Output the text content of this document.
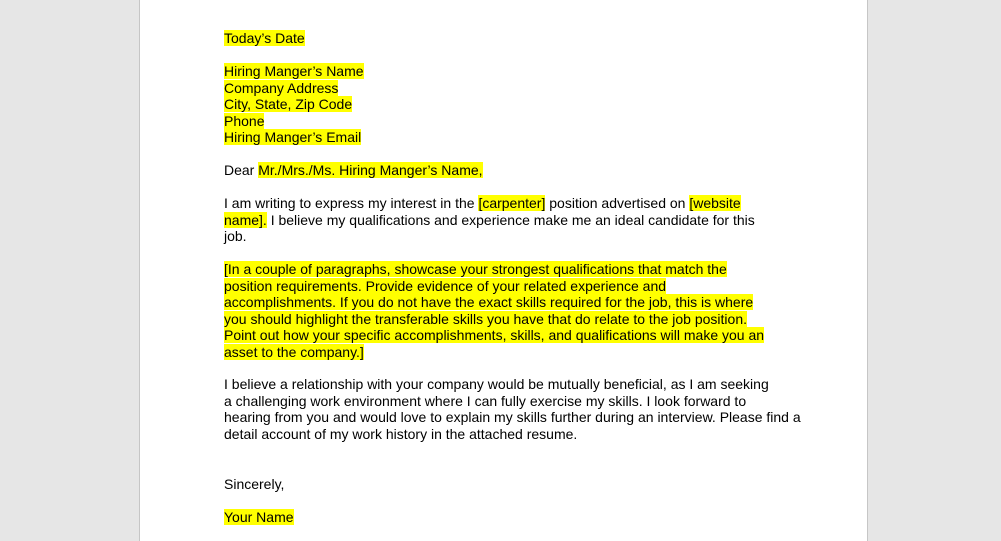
Today’s Date
Hiring Manger’s Name
Company Address
City, State, Zip Code
Phone
Hiring Manger’s Email
Dear Mr./Mrs./Ms. Hiring Manger’s Name,
I am writing to express my interest in the [carpenter] position advertised on [website
name]. I believe my qualifications and experience make me an ideal candidate for this
job.
[In a couple of paragraphs, showcase your strongest qualifications that match the
position requirements. Provide evidence of your related experience and
accomplishments. If you do not have the exact skills required for the job, this is where
you should highlight the transferable skills you have that do relate to the job position.
Point out how your specific accomplishments, skills, and qualifications will make you an
asset to the company.]
I believe a relationship with your company would be mutually beneficial, as I am seeking
a challenging work environment where I can fully exercise my skills. I look forward to
hearing from you and would love to explain my skills further during an interview. Please find a
detail account of my work history in the attached resume.
Sincerely,
Your Name
